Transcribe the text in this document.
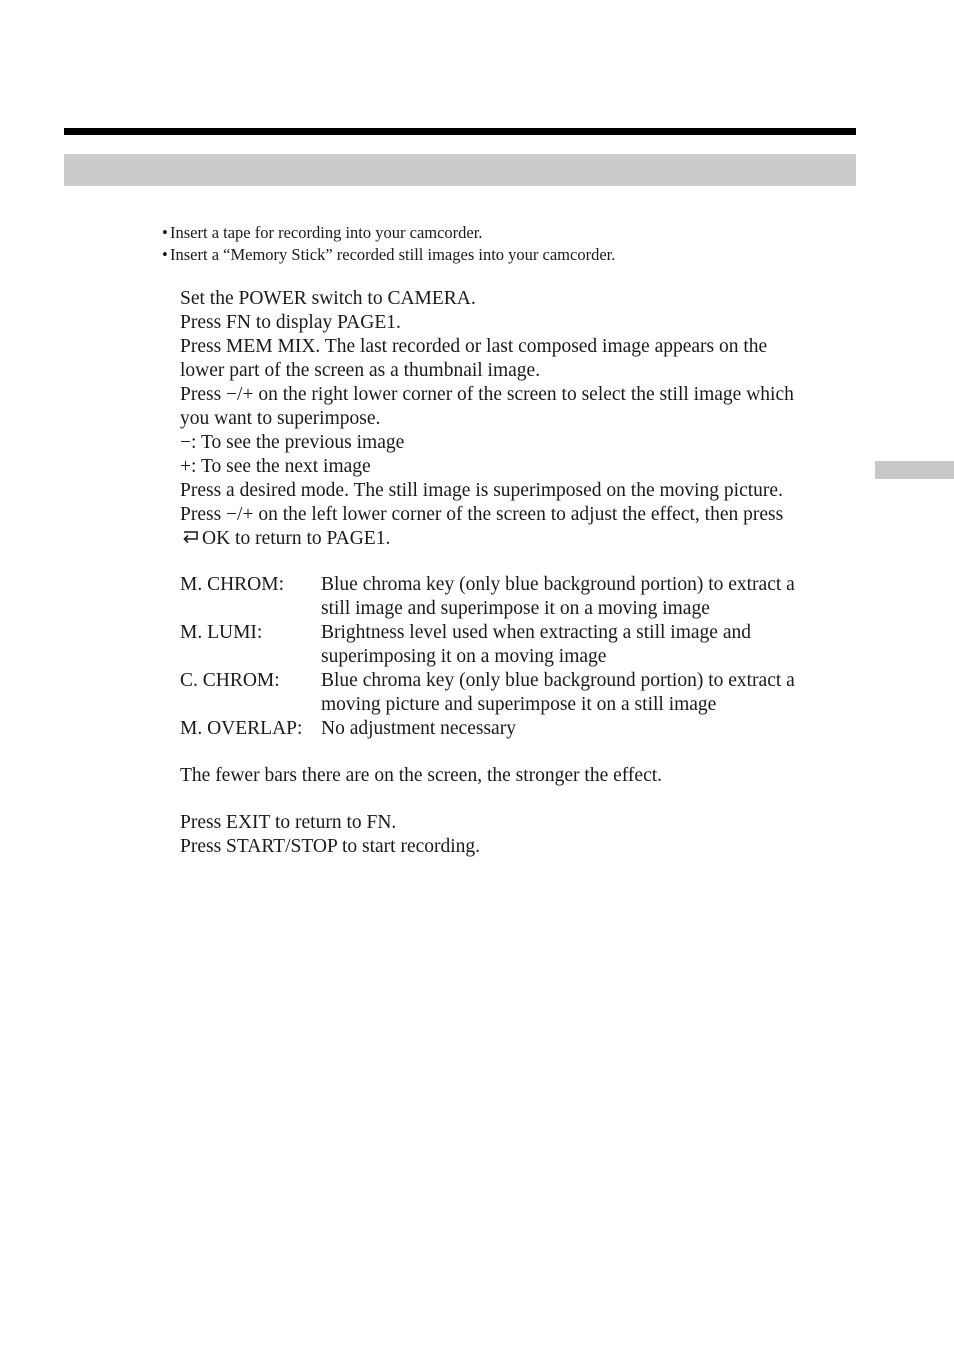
• Insert a tape for recording into your camcorder.
• Insert a “Memory Stick” recorded still images into your camcorder.
Set the POWER switch to CAMERA.
Press FN to display PAGE1.
Press MEM MIX. The last recorded or last composed image appears on the
lower part of the screen as a thumbnail image.
Press −/+ on the right lower corner of the screen to select the still image which
you want to superimpose.
−: To see the previous image
+: To see the next image
Press a desired mode. The still image is superimposed on the moving picture.
Press −/+ on the left lower corner of the screen to adjust the effect, then press
OK to return to PAGE1.
M. CHROM:	Blue chroma key (only blue background portion) to extract a
still image and superimpose it on a moving image
M. LUMI:	Brightness level used when extracting a still image and
superimposing it on a moving image
C. CHROM:	Blue chroma key (only blue background portion) to extract a
moving picture and superimpose it on a still image
M. OVERLAP: No adjustment necessary
The fewer bars there are on the screen, the stronger the effect.
Press EXIT to return to FN.
Press START/STOP to start recording.
